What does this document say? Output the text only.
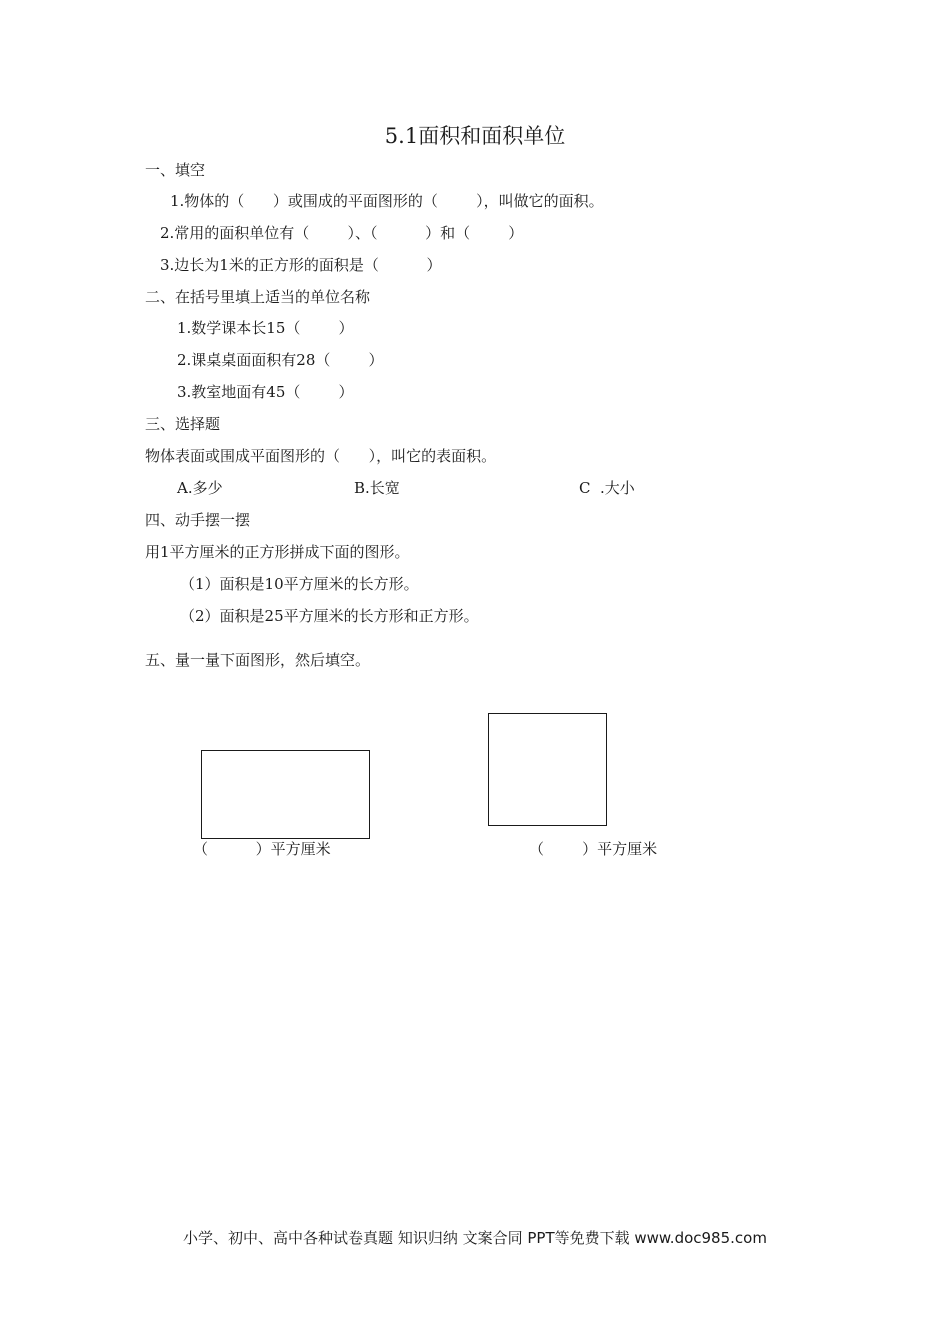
5.1面积和面积单位
一、填空
1.物体的（      ）或围成的平面图形的（        ），叫做它的面积。
2.常用的面积单位有（        ）、（          ）和（        ）
3.边长为1米的正方形的面积是（          ）
二、在括号里填上适当的单位名称
1.数学课本长15（        ）
2.课桌桌面面积有28（        ）
3.教室地面有45（        ）
三、选择题
物体表面或围成平面图形的（      ），叫它的表面积。
A.多少	B.长宽	C  .大小
四、动手摆一摆
用1平方厘米的正方形拼成下面的图形。
（1）面积是10平方厘米的长方形。
（2）面积是25平方厘米的长方形和正方形。
五、量一量下面图形，然后填空。
（          ）平方厘米	（        ）平方厘米
小学、初中、高中各种试卷真题 知识归纳 文案合同 PPT等免费下载 www.doc985.com
